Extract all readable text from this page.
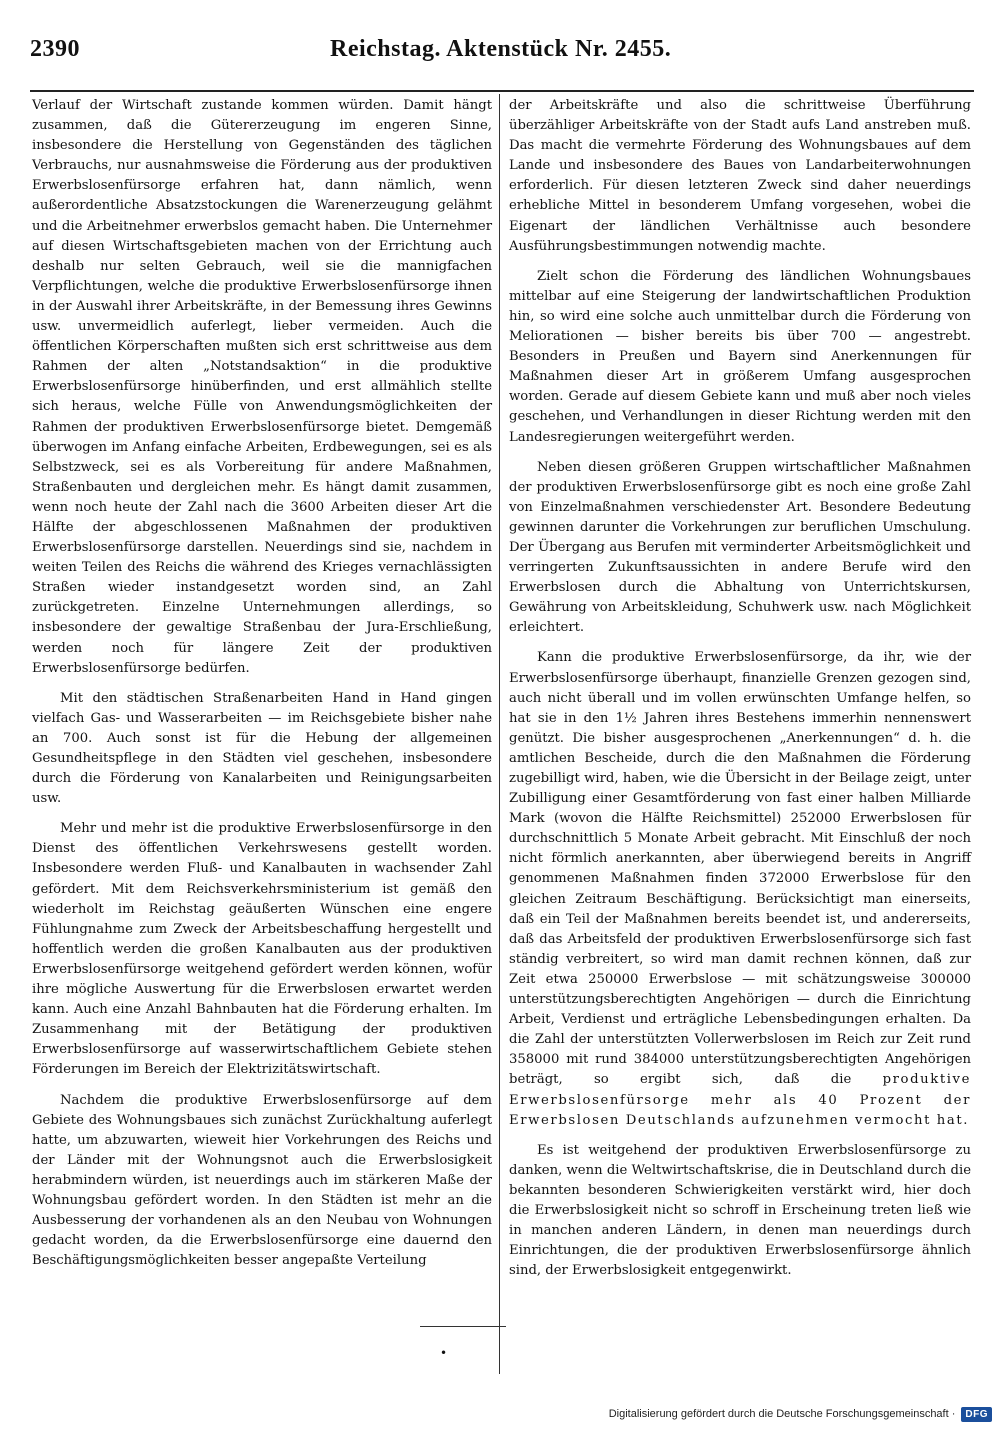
2390	Reichstag. Aktenstück Nr. 2455.

Verlauf der Wirtschaft zustande kommen würden. Damit hängt zusammen, daß die Gütererzeugung im engeren Sinne, insbesondere die Herstellung von Gegenständen des täglichen Verbrauchs, nur ausnahmsweise die Förderung aus der produktiven Erwerbslosenfürsorge erfahren hat, dann nämlich, wenn außerordentliche Absatzstockungen die Warenerzeugung gelähmt und die Arbeitnehmer erwerbslos gemacht haben. Die Unternehmer auf diesen Wirtschaftsgebieten machen von der Errichtung auch deshalb nur selten Gebrauch, weil sie die mannigfachen Verpflichtungen, welche die produktive Erwerbslosenfürsorge ihnen in der Auswahl ihrer Arbeitskräfte, in der Bemessung ihres Gewinns usw. unvermeidlich auferlegt, lieber vermeiden. Auch die öffentlichen Körperschaften mußten sich erst schrittweise aus dem Rahmen der alten „Notstandsaktion“ in die produktive Erwerbslosenfürsorge hinüberfinden, und erst allmählich stellte sich heraus, welche Fülle von Anwendungsmöglichkeiten der Rahmen der produktiven Erwerbslosenfürsorge bietet. Demgemäß überwogen im Anfang einfache Arbeiten, Erdbewegungen, sei es als Selbstzweck, sei es als Vorbereitung für andere Maßnahmen, Straßenbauten und dergleichen mehr. Es hängt damit zusammen, wenn noch heute der Zahl nach die 3600 Arbeiten dieser Art die Hälfte der abgeschlossenen Maßnahmen der produktiven Erwerbslosenfürsorge darstellen. Neuerdings sind sie, nachdem in weiten Teilen des Reichs die während des Krieges vernachlässigten Straßen wieder instandgesetzt worden sind, an Zahl zurückgetreten. Einzelne Unternehmungen allerdings, so insbesondere der gewaltige Straßenbau der Jura-Erschließung, werden noch für längere Zeit der produktiven Erwerbslosenfürsorge bedürfen.

Mit den städtischen Straßenarbeiten Hand in Hand gingen vielfach Gas- und Wasserarbeiten — im Reichsgebiete bisher nahe an 700. Auch sonst ist für die Hebung der allgemeinen Gesundheitspflege in den Städten viel geschehen, insbesondere durch die Förderung von Kanalarbeiten und Reinigungsarbeiten usw.

Mehr und mehr ist die produktive Erwerbslosenfürsorge in den Dienst des öffentlichen Verkehrswesens gestellt worden. Insbesondere werden Fluß- und Kanalbauten in wachsender Zahl gefördert. Mit dem Reichsverkehrsministerium ist gemäß den wiederholt im Reichstag geäußerten Wünschen eine engere Fühlungnahme zum Zweck der Arbeitsbeschaffung hergestellt und hoffentlich werden die großen Kanalbauten aus der produktiven Erwerbslosenfürsorge weitgehend gefördert werden können, wofür ihre mögliche Auswertung für die Erwerbslosen erwartet werden kann. Auch eine Anzahl Bahnbauten hat die Förderung erhalten. Im Zusammenhang mit der Betätigung der produktiven Erwerbslosenfürsorge auf wasserwirtschaftlichem Gebiete stehen Förderungen im Bereich der Elektrizitätswirtschaft.

Nachdem die produktive Erwerbslosenfürsorge auf dem Gebiete des Wohnungsbaues sich zunächst Zurückhaltung auferlegt hatte, um abzuwarten, wieweit hier Vorkehrungen des Reichs und der Länder mit der Wohnungsnot auch die Erwerbslosigkeit herabmindern würden, ist neuerdings auch im stärkeren Maße der Wohnungsbau gefördert worden. In den Städten ist mehr an die Ausbesserung der vorhandenen als an den Neubau von Wohnungen gedacht worden, da die Erwerbslosenfürsorge eine dauernd den Beschäftigungsmöglichkeiten besser angepaßte Verteilung

der Arbeitskräfte und also die schrittweise Überführung überzähliger Arbeitskräfte von der Stadt aufs Land anstreben muß. Das macht die vermehrte Förderung des Wohnungsbaues auf dem Lande und insbesondere des Baues von Landarbeiterwohnungen erforderlich. Für diesen letzteren Zweck sind daher neuerdings erhebliche Mittel in besonderem Umfang vorgesehen, wobei die Eigenart der ländlichen Verhältnisse auch besondere Ausführungsbestimmungen notwendig machte.

Zielt schon die Förderung des ländlichen Wohnungsbaues mittelbar auf eine Steigerung der landwirtschaftlichen Produktion hin, so wird eine solche auch unmittelbar durch die Förderung von Meliorationen — bisher bereits bis über 700 — angestrebt. Besonders in Preußen und Bayern sind Anerkennungen für Maßnahmen dieser Art in größerem Umfang ausgesprochen worden. Gerade auf diesem Gebiete kann und muß aber noch vieles geschehen, und Verhandlungen in dieser Richtung werden mit den Landesregierungen weitergeführt werden.

Neben diesen größeren Gruppen wirtschaftlicher Maßnahmen der produktiven Erwerbslosenfürsorge gibt es noch eine große Zahl von Einzelmaßnahmen verschiedenster Art. Besondere Bedeutung gewinnen darunter die Vorkehrungen zur beruflichen Umschulung. Der Übergang aus Berufen mit verminderter Arbeitsmöglichkeit und verringerten Zukunftsaussichten in andere Berufe wird den Erwerbslosen durch die Abhaltung von Unterrichtskursen, Gewährung von Arbeitskleidung, Schuhwerk usw. nach Möglichkeit erleichtert.

Kann die produktive Erwerbslosenfürsorge, da ihr, wie der Erwerbslosenfürsorge überhaupt, finanzielle Grenzen gezogen sind, auch nicht überall und im vollen erwünschten Umfange helfen, so hat sie in den 1½ Jahren ihres Bestehens immerhin nennenswert genützt. Die bisher ausgesprochenen „Anerkennungen“ d. h. die amtlichen Bescheide, durch die den Maßnahmen die Förderung zugebilligt wird, haben, wie die Übersicht in der Beilage zeigt, unter Zubilligung einer Gesamtförderung von fast einer halben Milliarde Mark (wovon die Hälfte Reichsmittel) 252000 Erwerbslosen für durchschnittlich 5 Monate Arbeit gebracht. Mit Einschluß der noch nicht förmlich anerkannten, aber überwiegend bereits in Angriff genommenen Maßnahmen finden 372000 Erwerbslose für den gleichen Zeitraum Beschäftigung. Berücksichtigt man einerseits, daß ein Teil der Maßnahmen bereits beendet ist, und andererseits, daß das Arbeitsfeld der produktiven Erwerbslosenfürsorge sich fast ständig verbreitert, so wird man damit rechnen können, daß zur Zeit etwa 250000 Erwerbslose — mit schätzungsweise 300000 unterstützungsberechtigten Angehörigen — durch die Einrichtung Arbeit, Verdienst und erträgliche Lebensbedingungen erhalten. Da die Zahl der unterstützten Vollerwerbslosen im Reich zur Zeit rund 358000 mit rund 384000 unterstützungsberechtigten Angehörigen beträgt, so ergibt sich, daß die produktive Erwerbslosenfürsorge mehr als 40 Prozent der Erwerbslosen Deutschlands aufzunehmen vermocht hat.

Es ist weitgehend der produktiven Erwerbslosenfürsorge zu danken, wenn die Weltwirtschaftskrise, die in Deutschland durch die bekannten besonderen Schwierigkeiten verstärkt wird, hier doch die Erwerbslosigkeit nicht so schroff in Erscheinung treten ließ wie in manchen anderen Ländern, in denen man neuerdings durch Einrichtungen, die der produktiven Erwerbslosenfürsorge ähnlich sind, der Erwerbslosigkeit entgegenwirkt.

•
Digitalisierung gefördert durch die Deutsche Forschungsgemeinschaft ·	DFG
